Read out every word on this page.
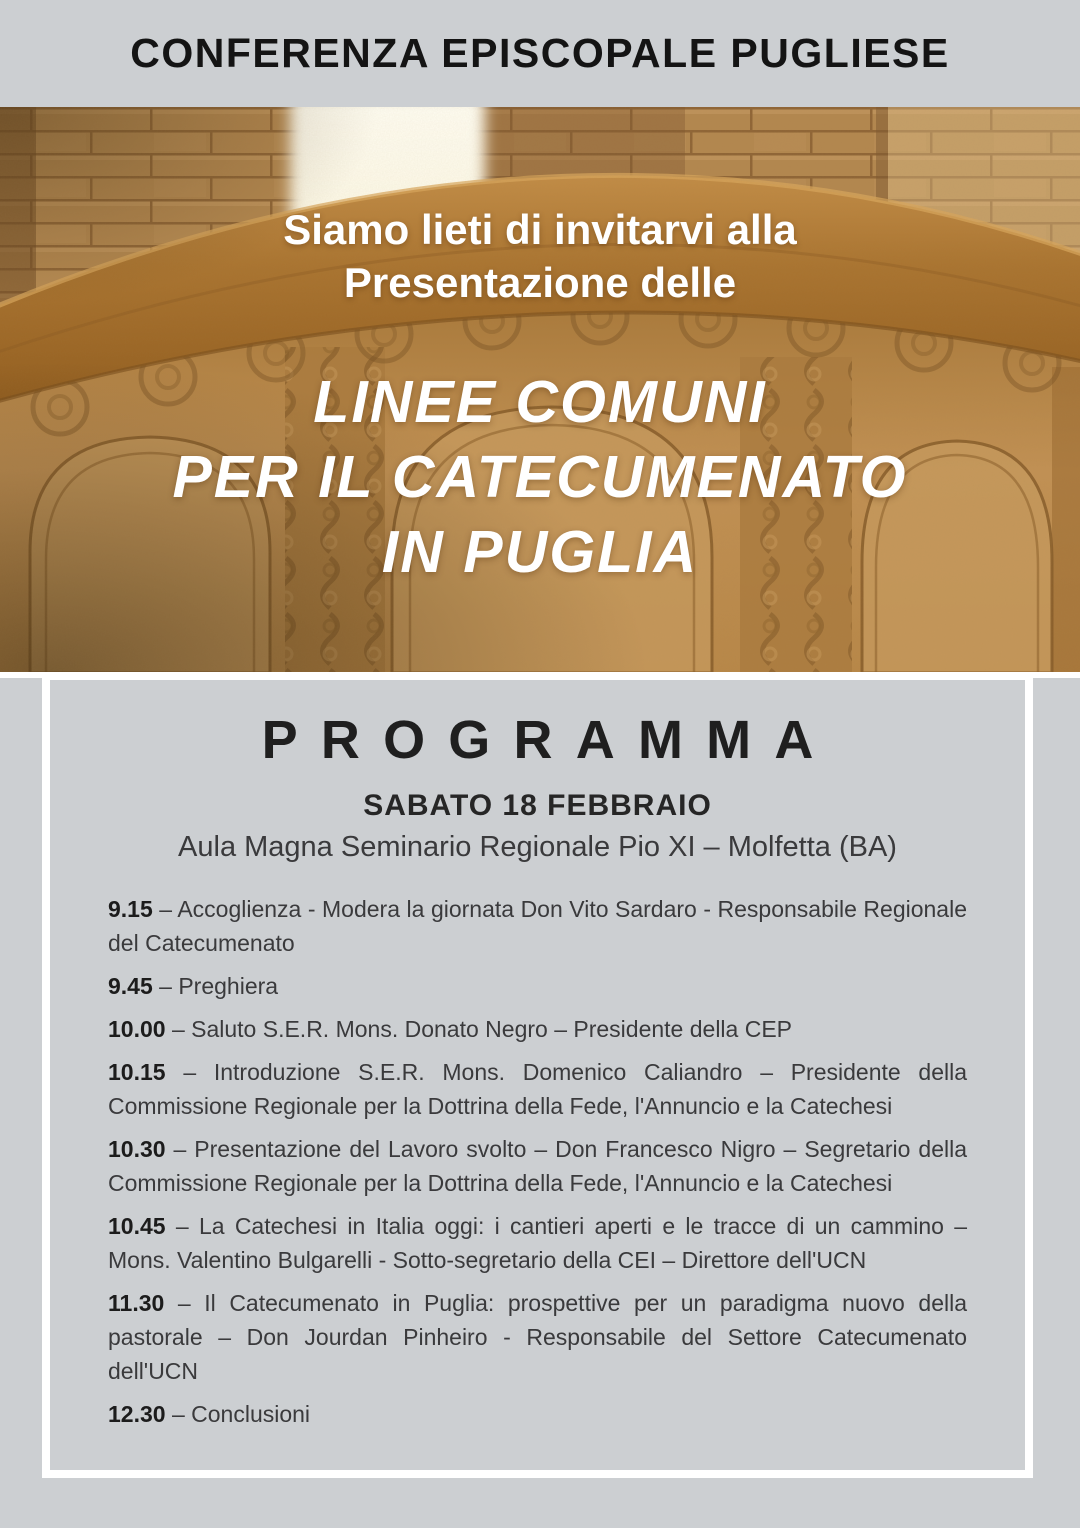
CONFERENZA EPISCOPALE PUGLIESE
Siamo lieti di invitarvi alla
Presentazione delle
LINEE COMUNI
PER IL CATECUMENATO
IN PUGLIA
PROGRAMMA
SABATO 18 FEBBRAIO
Aula Magna Seminario Regionale Pio XI – Molfetta (BA)

9.15 – Accoglienza - Modera la giornata Don Vito Sardaro - Responsabile Regionale del Catecumenato

9.45 – Preghiera

10.00 – Saluto S.E.R. Mons. Donato Negro – Presidente della CEP

10.15 – Introduzione S.E.R. Mons. Domenico Caliandro – Presidente della Commissione Regionale per la Dottrina della Fede, l'Annuncio e la Catechesi

10.30 – Presentazione del Lavoro svolto – Don Francesco Nigro – Segretario della Commissione Regionale per la Dottrina della Fede, l'Annuncio e la Catechesi

10.45 – La Catechesi in Italia oggi: i cantieri aperti e le tracce di un cammino – Mons. Valentino Bulgarelli - Sotto-segretario della CEI – Direttore dell'UCN

11.30 – Il Catecumenato in Puglia: prospettive per un paradigma nuovo della pastorale – Don Jourdan Pinheiro - Responsabile del Settore Catecumenato dell'UCN

12.30 – Conclusioni
